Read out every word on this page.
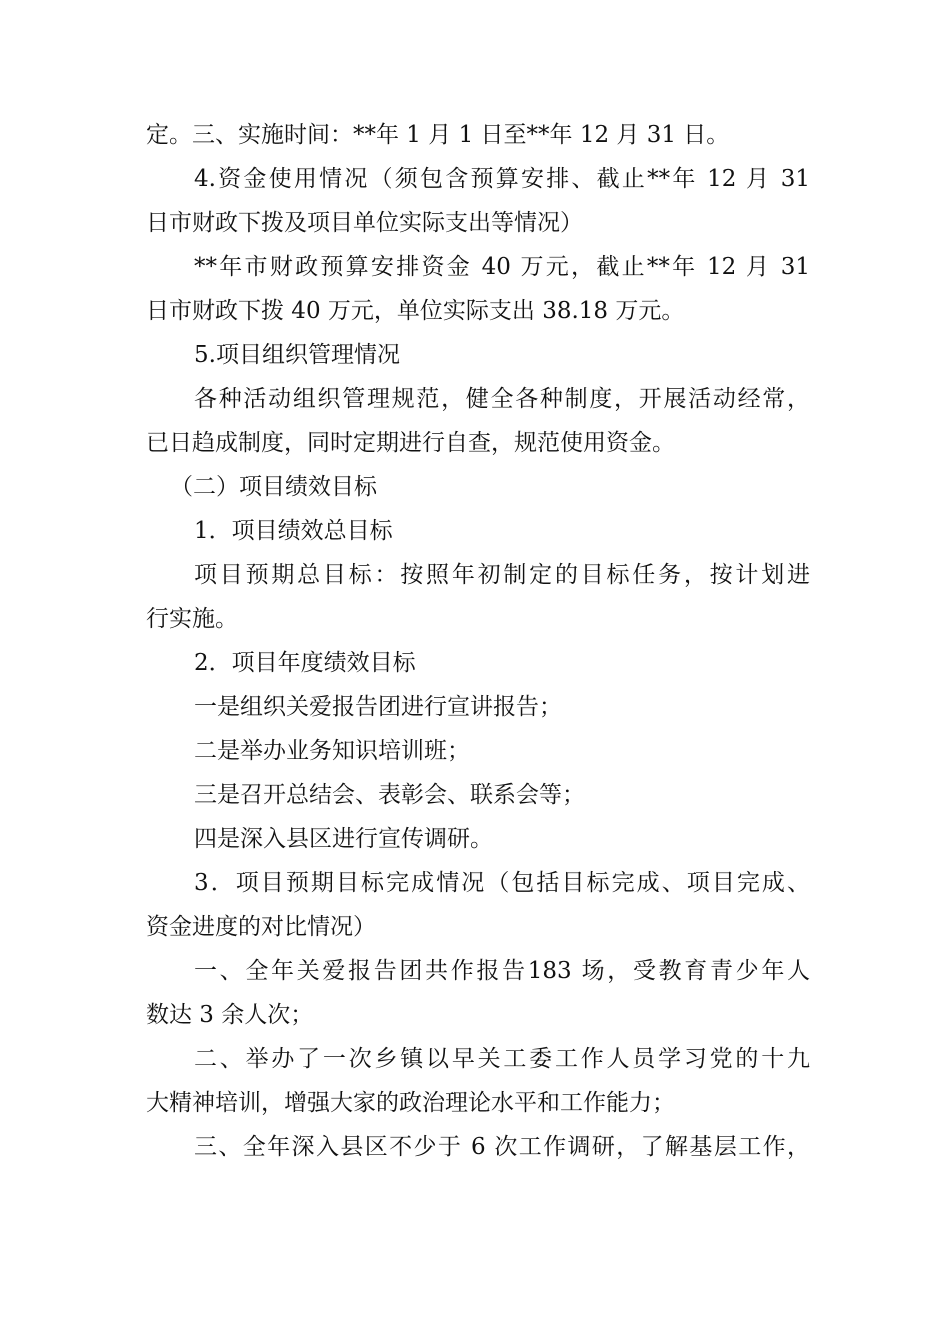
定。三、实施时间：**年 1 月 1 日至**年 12 月 31 日。
4.资金使用情况（须包含预算安排、截止**年 12 月 31
日市财政下拨及项目单位实际支出等情况）
**年市财政预算安排资金 40 万元，截止**年 12 月 31
日市财政下拨 40 万元，单位实际支出 38.18 万元。
5.项目组织管理情况
各种活动组织管理规范，健全各种制度，开展活动经常，
已日趋成制度，同时定期进行自查，规范使用资金。
（二）项目绩效目标
1．项目绩效总目标
项目预期总目标：按照年初制定的目标任务，按计划进
行实施。
2．项目年度绩效目标
一是组织关爱报告团进行宣讲报告；
二是举办业务知识培训班；
三是召开总结会、表彰会、联系会等；
四是深入县区进行宣传调研。
3．项目预期目标完成情况（包括目标完成、项目完成、
资金进度的对比情况）
一、全年关爱报告团共作报告183 场，受教育青少年人
数达 3 余人次；
二、举办了一次乡镇以早关工委工作人员学习党的十九
大精神培训，增强大家的政治理论水平和工作能力；
三、全年深入县区不少于 6 次工作调研，了解基层工作，
